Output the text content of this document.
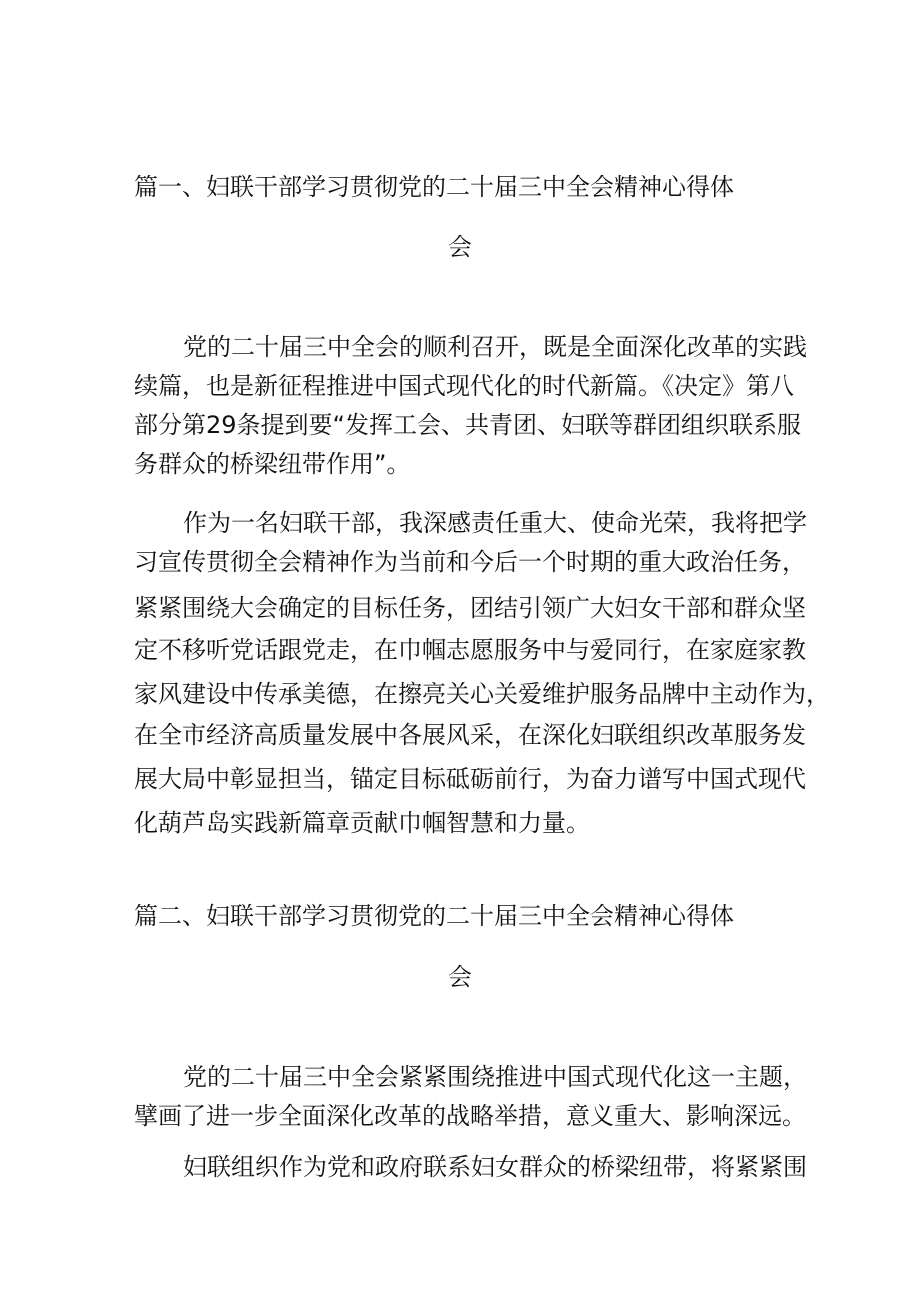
篇一、妇联干部学习贯彻党的二十届三中全会精神心得体
会
党的二十届三中全会的顺利召开，既是全面深化改革的实践
续篇，也是新征程推进中国式现代化的时代新篇。《决定》第八
部分第29条提到要“发挥工会、共青团、妇联等群团组织联系服
务群众的桥梁纽带作用”。
作为一名妇联干部，我深感责任重大、使命光荣，我将把学
习宣传贯彻全会精神作为当前和今后一个时期的重大政治任务，
紧紧围绕大会确定的目标任务，团结引领广大妇女干部和群众坚
定不移听党话跟党走，在巾帼志愿服务中与爱同行，在家庭家教
家风建设中传承美德，在擦亮关心关爱维护服务品牌中主动作为，
在全市经济高质量发展中各展风采，在深化妇联组织改革服务发
展大局中彰显担当，锚定目标砥砺前行，为奋力谱写中国式现代
化葫芦岛实践新篇章贡献巾帼智慧和力量。
篇二、妇联干部学习贯彻党的二十届三中全会精神心得体
会
党的二十届三中全会紧紧围绕推进中国式现代化这一主题，
擘画了进一步全面深化改革的战略举措，意义重大、影响深远。
妇联组织作为党和政府联系妇女群众的桥梁纽带，将紧紧围
